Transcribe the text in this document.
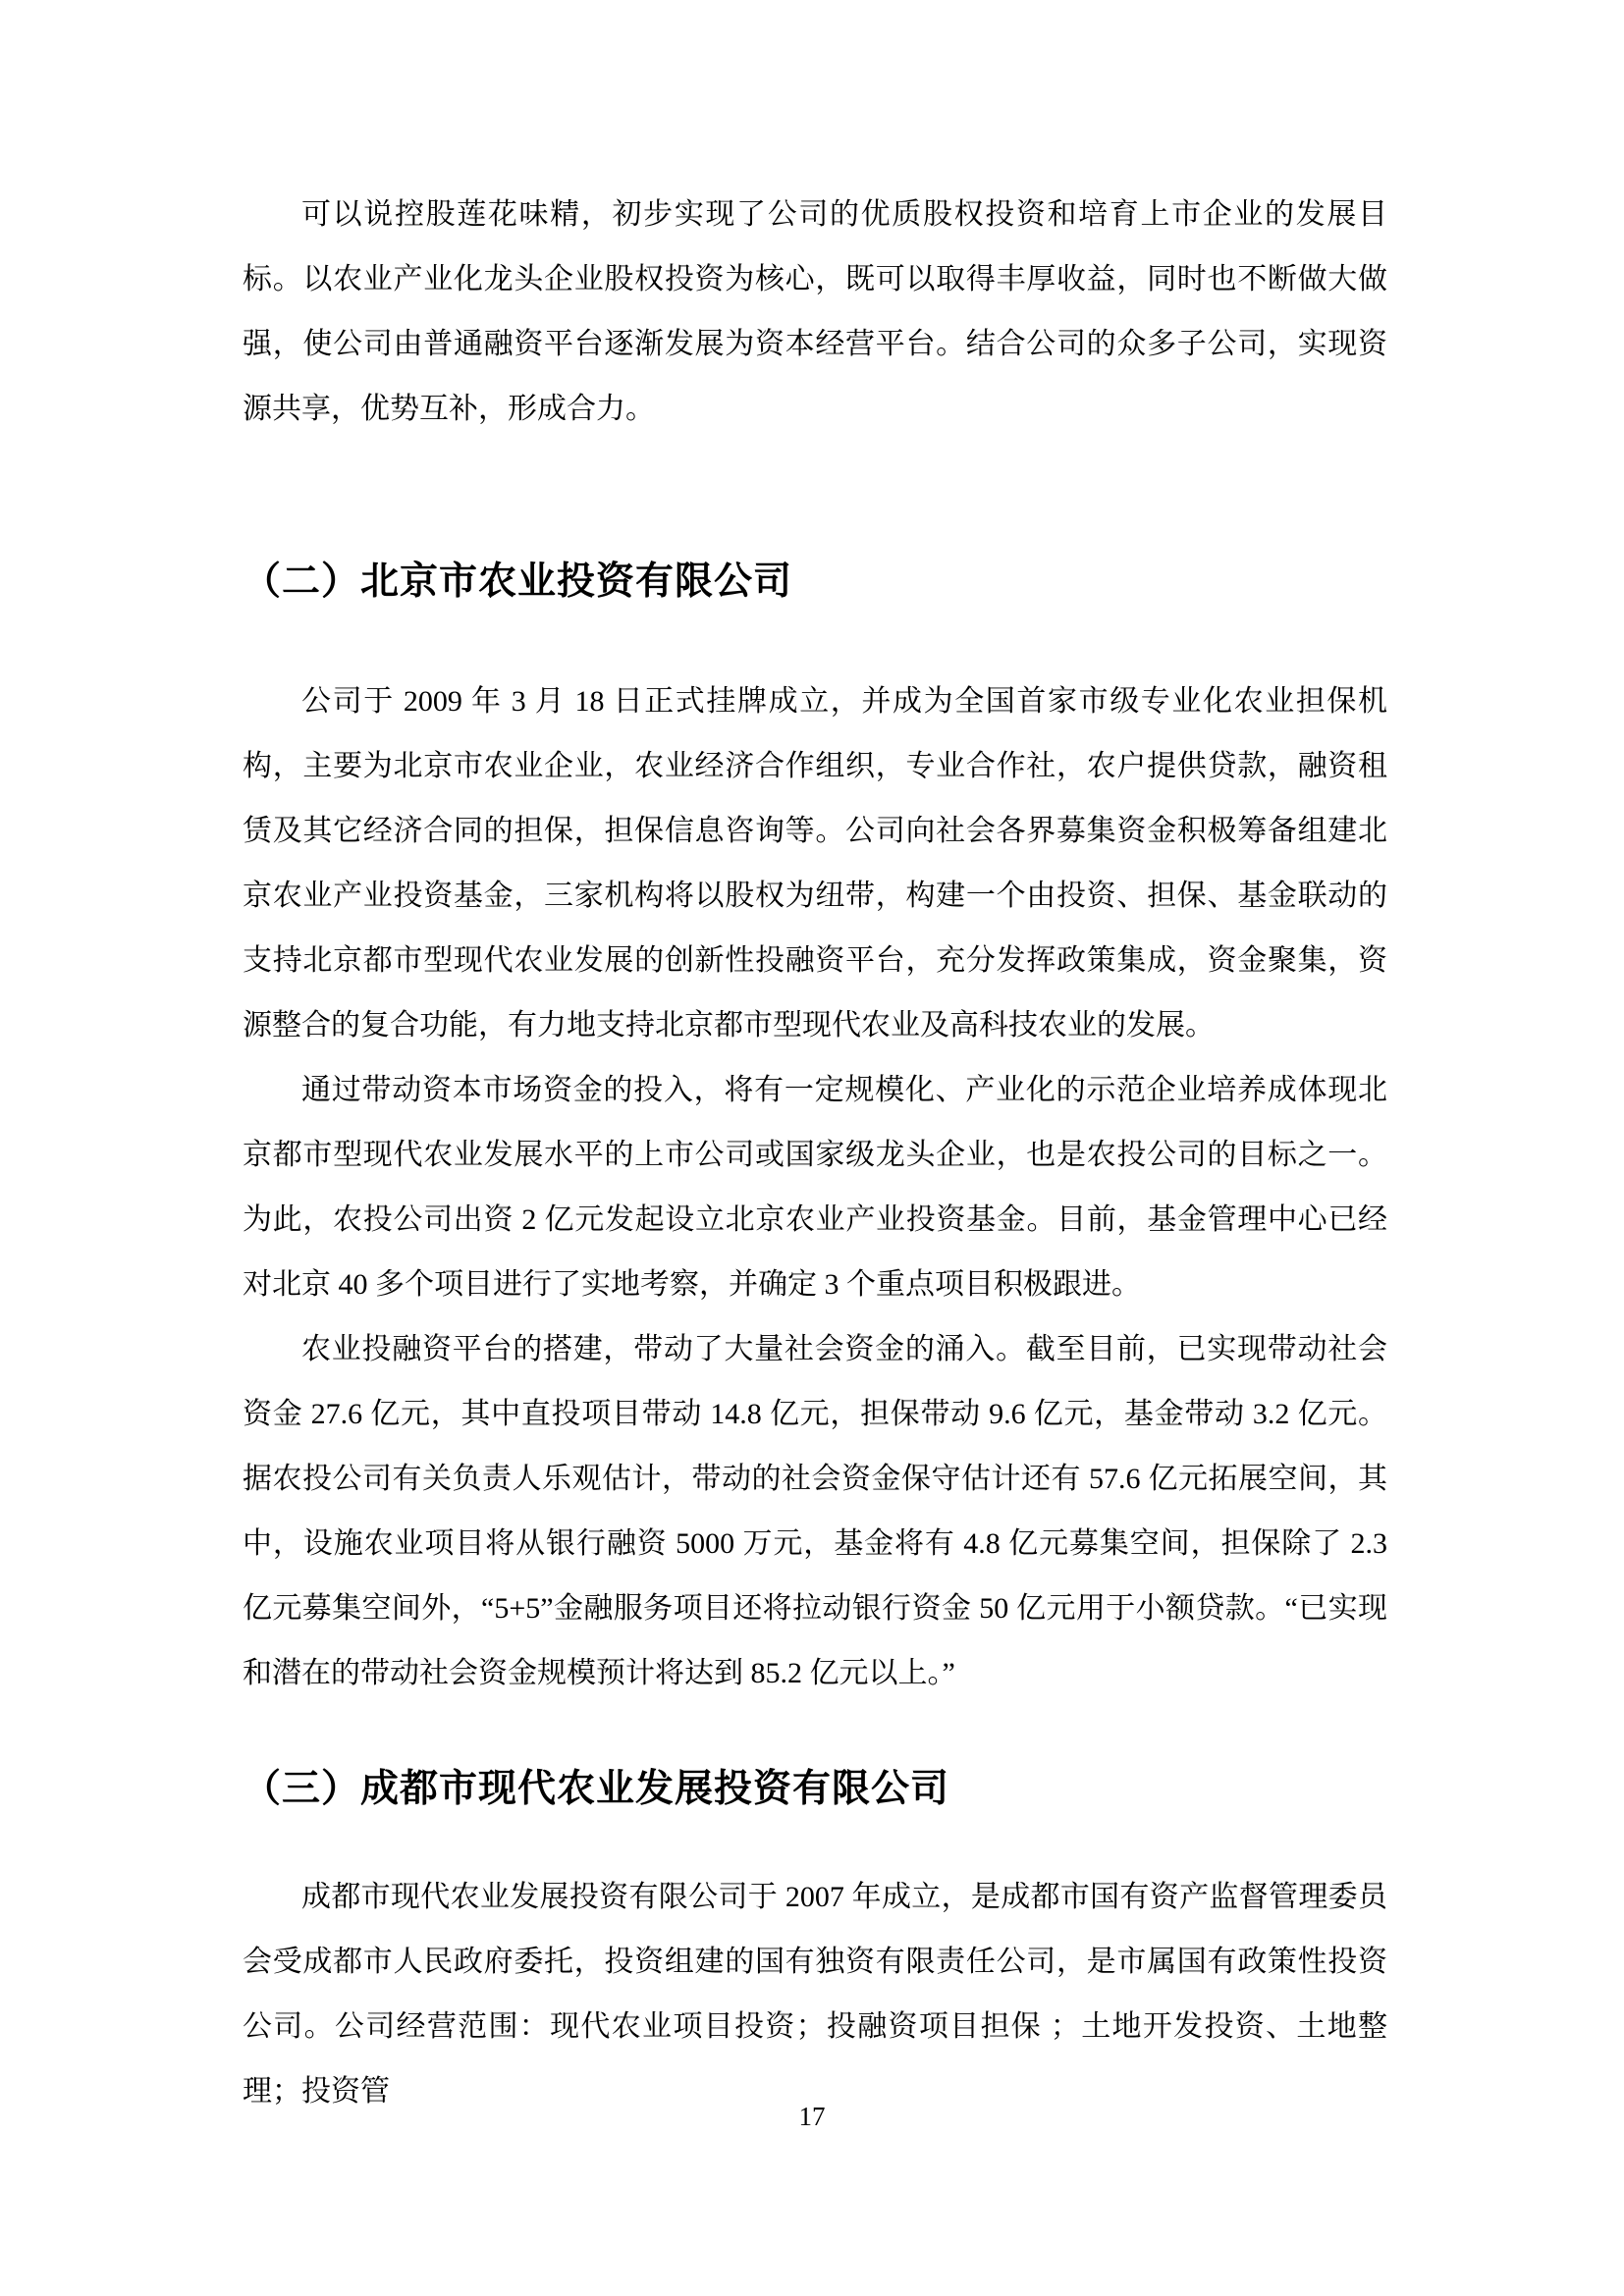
可以说控股莲花味精，初步实现了公司的优质股权投资和培育上市企业的发展目标。以农业产业化龙头企业股权投资为核心，既可以取得丰厚收益，同时也不断做大做强，使公司由普通融资平台逐渐发展为资本经营平台。结合公司的众多子公司，实现资源共享，优势互补，形成合力。

（二）北京市农业投资有限公司

公司于 2009 年 3 月 18 日正式挂牌成立，并成为全国首家市级专业化农业担保机构，主要为北京市农业企业，农业经济合作组织，专业合作社，农户提供贷款，融资租赁及其它经济合同的担保，担保信息咨询等。公司向社会各界募集资金积极筹备组建北京农业产业投资基金，三家机构将以股权为纽带，构建一个由投资、担保、基金联动的支持北京都市型现代农业发展的创新性投融资平台，充分发挥政策集成，资金聚集，资源整合的复合功能，有力地支持北京都市型现代农业及高科技农业的发展。

通过带动资本市场资金的投入，将有一定规模化、产业化的示范企业培养成体现北京都市型现代农业发展水平的上市公司或国家级龙头企业，也是农投公司的目标之一。为此，农投公司出资 2 亿元发起设立北京农业产业投资基金。目前，基金管理中心已经对北京 40 多个项目进行了实地考察，并确定 3 个重点项目积极跟进。

农业投融资平台的搭建，带动了大量社会资金的涌入。截至目前，已实现带动社会资金 27.6 亿元，其中直投项目带动 14.8 亿元，担保带动 9.6 亿元，基金带动 3.2 亿元。据农投公司有关负责人乐观估计，带动的社会资金保守估计还有 57.6 亿元拓展空间，其中，设施农业项目将从银行融资 5000 万元，基金将有 4.8 亿元募集空间，担保除了 2.3 亿元募集空间外，“5+5”金融服务项目还将拉动银行资金 50 亿元用于小额贷款。“已实现和潜在的带动社会资金规模预计将达到 85.2 亿元以上。”

（三）成都市现代农业发展投资有限公司

成都市现代农业发展投资有限公司于 2007 年成立，是成都市国有资产监督管理委员会受成都市人民政府委托，投资组建的国有独资有限责任公司，是市属国有政策性投资公司。公司经营范围：现代农业项目投资；投融资项目担保 ；土地开发投资、土地整理；投资管

17
